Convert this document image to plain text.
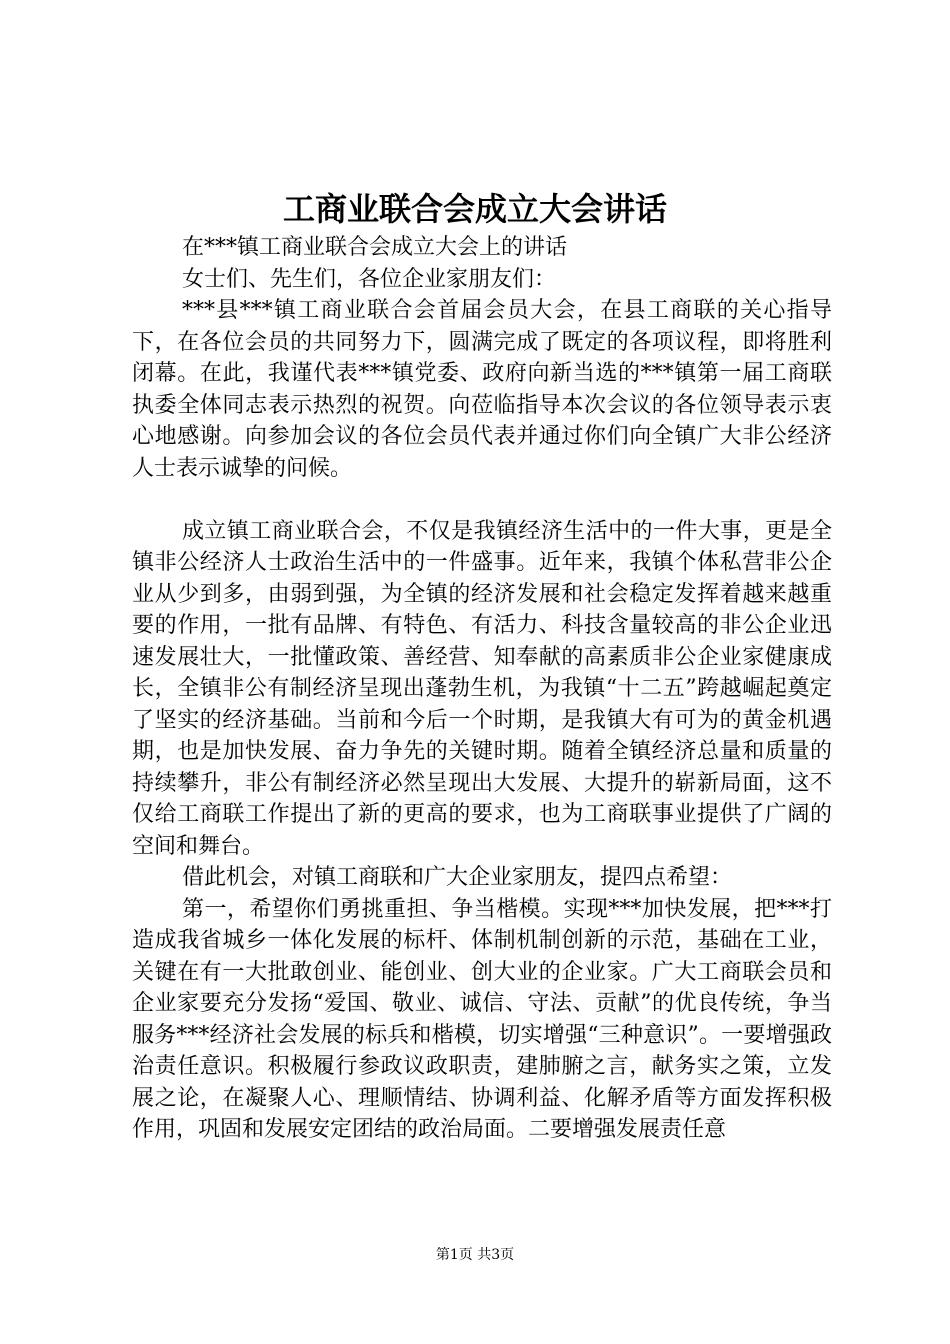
工商业联合会成立大会讲话

在***镇工商业联合会成立大会上的讲话

女士们、先生们，各位企业家朋友们：

***县***镇工商业联合会首届会员大会，在县工商联的关心指导下，在各位会员的共同努力下，圆满完成了既定的各项议程，即将胜利闭幕。在此，我谨代表***镇党委、政府向新当选的***镇第一届工商联执委全体同志表示热烈的祝贺。向莅临指导本次会议的各位领导表示衷心地感谢。向参加会议的各位会员代表并通过你们向全镇广大非公经济人士表示诚挚的问候。

成立镇工商业联合会，不仅是我镇经济生活中的一件大事，更是全镇非公经济人士政治生活中的一件盛事。近年来，我镇个体私营非公企业从少到多，由弱到强，为全镇的经济发展和社会稳定发挥着越来越重要的作用，一批有品牌、有特色、有活力、科技含量较高的非公企业迅速发展壮大，一批懂政策、善经营、知奉献的高素质非公企业家健康成长，全镇非公有制经济呈现出蓬勃生机，为我镇“十二五”跨越崛起奠定了坚实的经济基础。当前和今后一个时期，是我镇大有可为的黄金机遇期，也是加快发展、奋力争先的关键时期。随着全镇经济总量和质量的持续攀升，非公有制经济必然呈现出大发展、大提升的崭新局面，这不仅给工商联工作提出了新的更高的要求，也为工商联事业提供了广阔的空间和舞台。

借此机会，对镇工商联和广大企业家朋友，提四点希望：

第一，希望你们勇挑重担、争当楷模。实现***加快发展，把***打造成我省城乡一体化发展的标杆、体制机制创新的示范，基础在工业，关键在有一大批敢创业、能创业、创大业的企业家。广大工商联会员和企业家要充分发扬“爱国、敬业、诚信、守法、贡献”的优良传统，争当服务***经济社会发展的标兵和楷模，切实增强“三种意识”。一要增强政治责任意识。积极履行参政议政职责，建肺腑之言，献务实之策，立发展之论，在凝聚人心、理顺情结、协调利益、化解矛盾等方面发挥积极作用，巩固和发展安定团结的政治局面。二要增强发展责任意

第1页 共3页
